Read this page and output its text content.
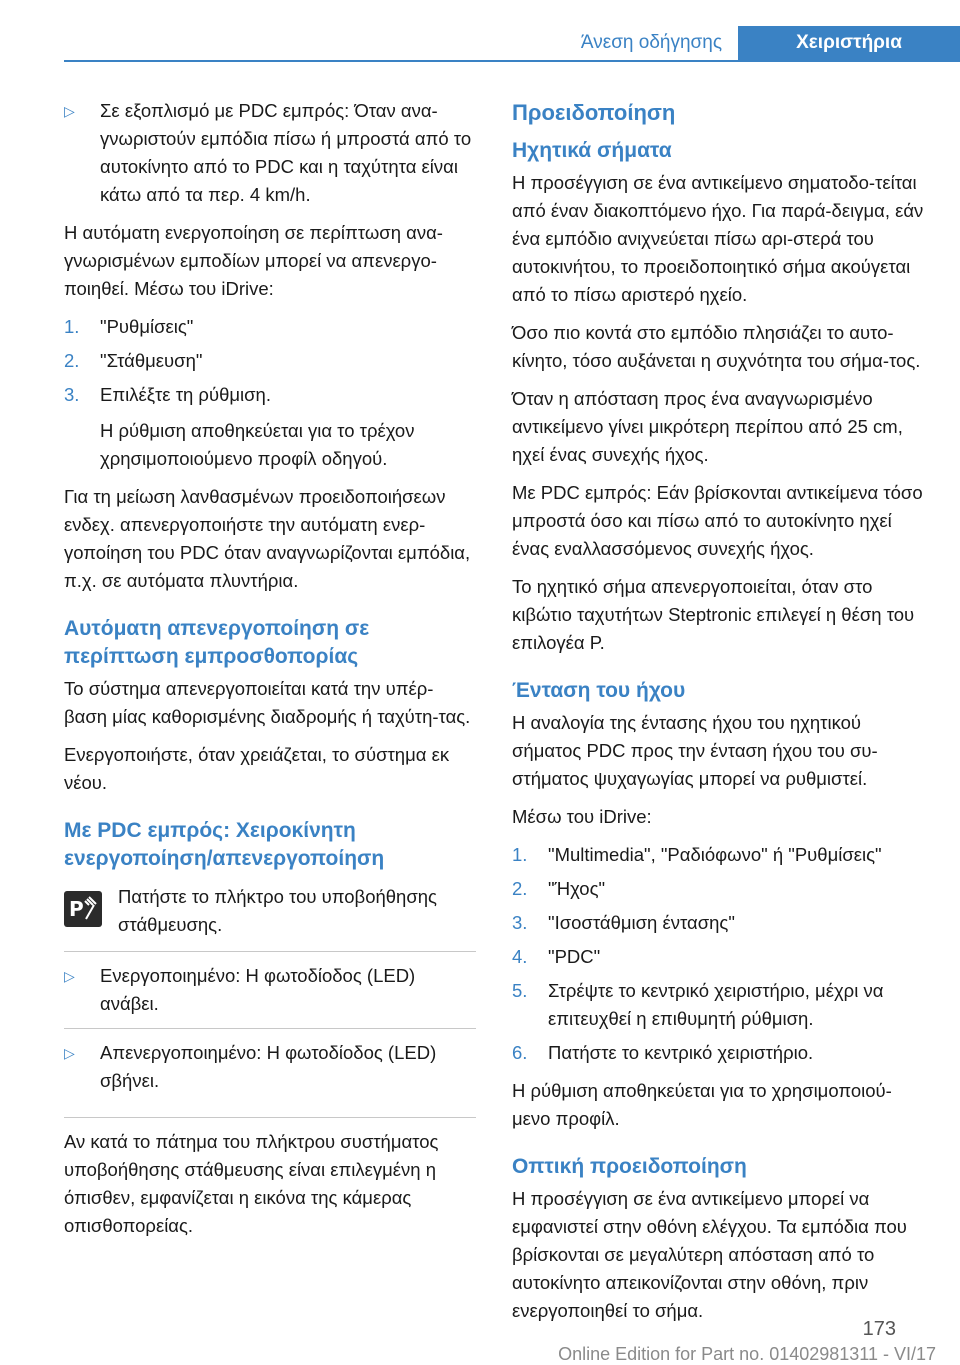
Άνεση οδήγησης	Χειριστήρια
▷ Σε εξοπλισμό με PDC εμπρός: Όταν ανα-γνωριστούν εμπόδια πίσω ή μπροστά από το αυτοκίνητο από το PDC και η ταχύτητα είναι κάτω από τα περ. 4 km/h.

Η αυτόματη ενεργοποίηση σε περίπτωση ανα-γνωρισμένων εμποδίων μπορεί να απενεργο-ποιηθεί. Μέσω του iDrive:

1. "Ρυθμίσεις"
2. "Στάθμευση"
3. Επιλέξτε τη ρύθμιση.
Η ρύθμιση αποθηκεύεται για το τρέχον χρησιμοποιούμενο προφίλ οδηγού.

Για τη μείωση λανθασμένων προειδοποιήσεων ενδεχ. απενεργοποιήστε την αυτόματη ενερ-γοποίηση του PDC όταν αναγνωρίζονται εμπόδια, π.χ. σε αυτόματα πλυντήρια.

Αυτόματη απενεργοποίηση σε περίπτωση εμπροσθοπορίας

Το σύστημα απενεργοποιείται κατά την υπέρ-βαση μίας καθορισμένης διαδρομής ή ταχύτη-τας.

Ενεργοποιήστε, όταν χρειάζεται, το σύστημα εκ νέου.

Με PDC εμπρός: Χειροκίνητη ενεργοποίηση/απενεργοποίηση
P

Πατήστε το πλήκτρο του υποβοήθησης στάθμευσης.

▷ Ενεργοποιημένο: Η φωτοδίοδος (LED) ανάβει.
▷ Απενεργοποιημένο: Η φωτοδίοδος (LED) σβήνει.

Αν κατά το πάτημα του πλήκτρου συστήματος υποβοήθησης στάθμευσης είναι επιλεγμένη η όπισθεν, εμφανίζεται η εικόνα της κάμερας οπισθοπορείας.

Προειδοποίηση
Ηχητικά σήματα

Η προσέγγιση σε ένα αντικείμενο σηματοδο-τείται από έναν διακοπτόμενο ήχο. Για παρά-δειγμα, εάν ένα εμπόδιο ανιχνεύεται πίσω αρι-στερά του αυτοκινήτου, το προειδοποιητικό σήμα ακούγεται από το πίσω αριστερό ηχείο.

Όσο πιο κοντά στο εμπόδιο πλησιάζει το αυτο-κίνητο, τόσο αυξάνεται η συχνότητα του σήμα-τος.

Όταν η απόσταση προς ένα αναγνωρισμένο αντικείμενο γίνει μικρότερη περίπου από 25 cm, ηχεί ένας συνεχής ήχος.

Με PDC εμπρός: Εάν βρίσκονται αντικείμενα τόσο μπροστά όσο και πίσω από το αυτοκίνητο ηχεί ένας εναλλασσόμενος συνεχής ήχος.

Το ηχητικό σήμα απενεργοποιείται, όταν στο κιβώτιο ταχυτήτων Steptronic επιλεγεί η θέση του επιλογέα P.

Ένταση του ήχου

Η αναλογία της έντασης ήχου του ηχητικού σήματος PDC προς την ένταση ήχου του συ-στήματος ψυχαγωγίας μπορεί να ρυθμιστεί.

Μέσω του iDrive:

1. "Multimedia", "Ραδιόφωνο" ή "Ρυθμίσεις"
2. "Ήχος"
3. "Ισοστάθμιση έντασης"
4. "PDC"
5. Στρέψτε το κεντρικό χειριστήριο, μέχρι να επιτευχθεί η επιθυμητή ρύθμιση.
6. Πατήστε το κεντρικό χειριστήριο.

Η ρύθμιση αποθηκεύεται για το χρησιμοποιού-μενο προφίλ.

Οπτική προειδοποίηση

Η προσέγγιση σε ένα αντικείμενο μπορεί να εμφανιστεί στην οθόνη ελέγχου. Τα εμπόδια που βρίσκονται σε μεγαλύτερη απόσταση από το αυτοκίνητο απεικονίζονται στην οθόνη, πριν ενεργοποιηθεί το σήμα.

173
Online Edition for Part no. 01402981311 - VI/17
